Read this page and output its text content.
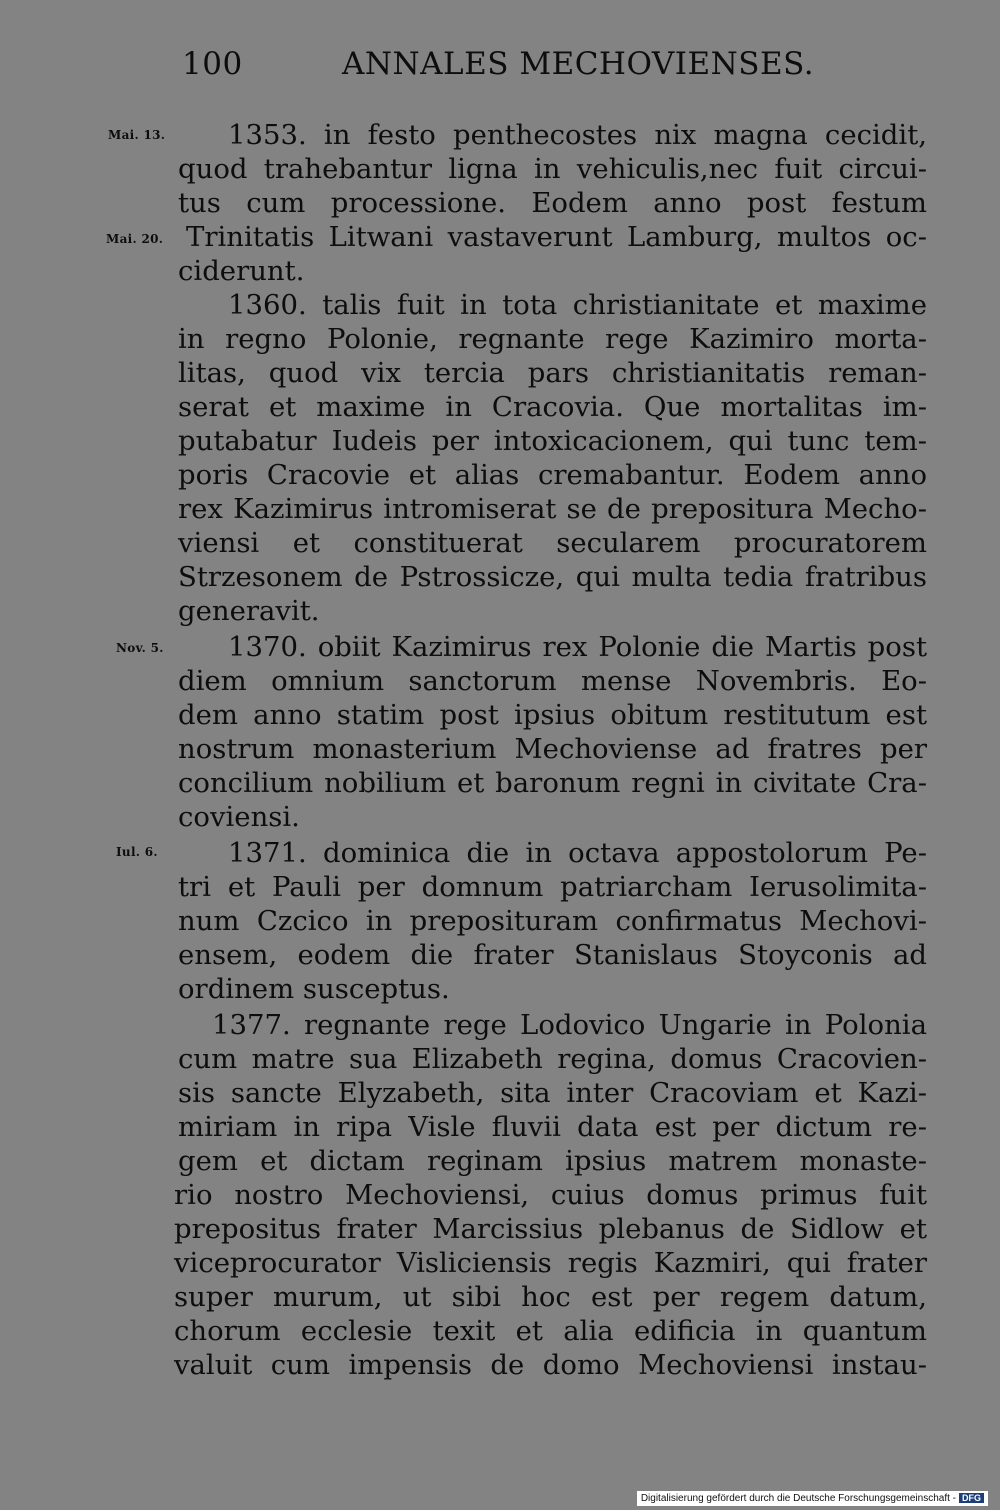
100	ANNALES MECHOVIENSES.
Mai. 13.
Mai. 20.
Nov. 5.
Iul. 6.
1353. in festo penthecostes nix magna cecidit,
quod trahebantur ligna in vehiculis,nec fuit circui-
tus cum processione. Eodem anno post festum
Trinitatis Litwani vastaverunt Lamburg, multos oc-
ciderunt.
1360. talis fuit in tota christianitate et maxime
in regno Polonie, regnante rege Kazimiro morta-
litas, quod vix tercia pars christianitatis reman-
serat et maxime in Cracovia. Que mortalitas im-
putabatur Iudeis per intoxicacionem, qui tunc tem-
poris Cracovie et alias cremabantur. Eodem anno
rex Kazimirus intromiserat se de prepositura Mecho-
viensi et constituerat secularem procuratorem
Strzesonem de Pstrossicze, qui multa tedia fratribus
generavit.
1370. obiit Kazimirus rex Polonie die Martis post
diem omnium sanctorum mense Novembris. Eo-
dem anno statim post ipsius obitum restitutum est
nostrum monasterium Mechoviense ad fratres per
concilium nobilium et baronum regni in civitate Cra-
coviensi.
1371. dominica die in octava appostolorum Pe-
tri et Pauli per domnum patriarcham Ierusolimita-
num Czcico in preposituram confirmatus Mechovi-
ensem, eodem die frater Stanislaus Stoyconis ad
ordinem susceptus.
1377. regnante rege Lodovico Ungarie in Polonia
cum matre sua Elizabeth regina, domus Cracovien-
sis sancte Elyzabeth, sita inter Cracoviam et Kazi-
miriam in ripa Visle fluvii data est per dictum re-
gem et dictam reginam ipsius matrem monaste-
rio nostro Mechoviensi, cuius domus primus fuit
prepositus frater Marcissius plebanus de Sidlow et
viceprocurator Visliciensis regis Kazmiri, qui frater
super murum, ut sibi hoc est per regem datum,
chorum ecclesie texit et alia edificia in quantum
valuit cum impensis de domo Mechoviensi instau-
Digitalisierung gefördert durch die Deutsche Forschungsgemeinschaft - DFG
